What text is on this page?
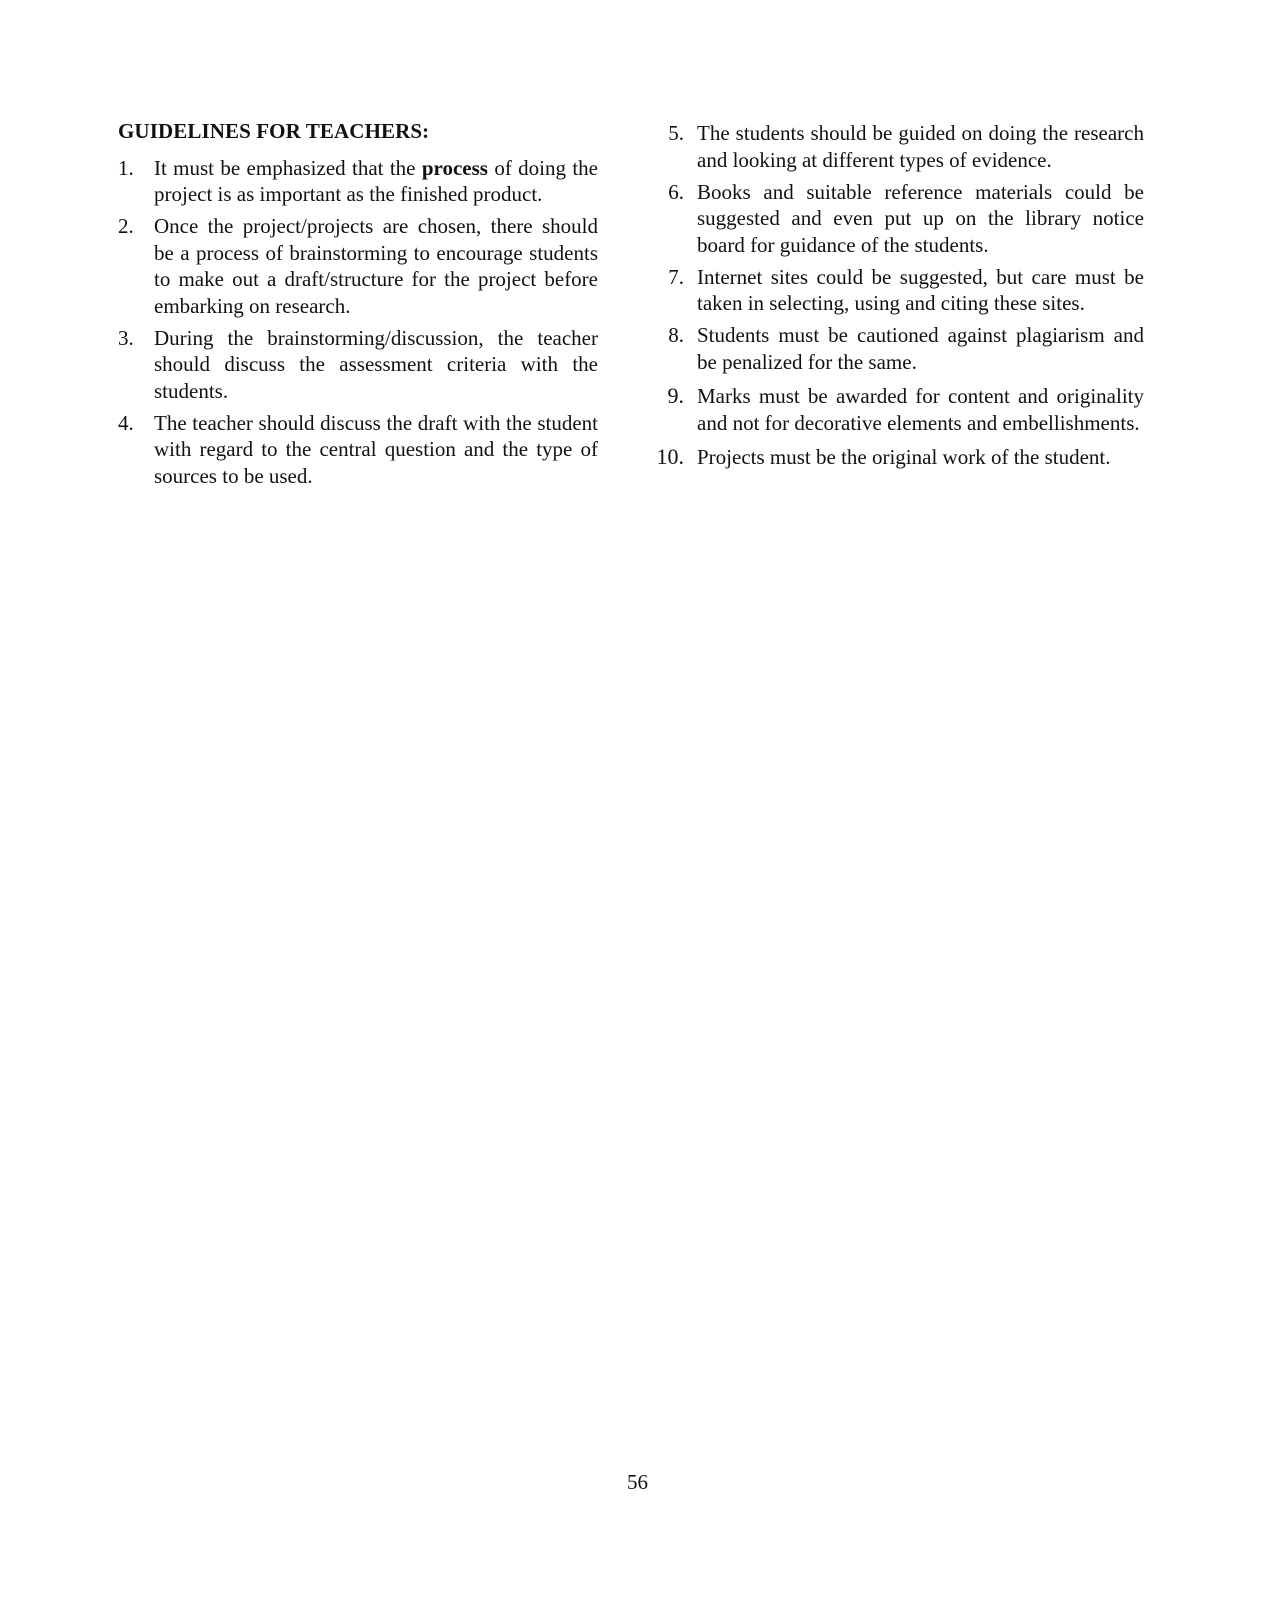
GUIDELINES FOR TEACHERS:
1. It must be emphasized that the process of doing the project is as important as the finished product.
2. Once the project/projects are chosen, there should be a process of brainstorming to encourage students to make out a draft/structure for the project before embarking on research.
3. During the brainstorming/discussion, the teacher should discuss the assessment criteria with the students.
4. The teacher should discuss the draft with the student with regard to the central question and the type of sources to be used.
5. The students should be guided on doing the research and looking at different types of evidence.
6. Books and suitable reference materials could be suggested and even put up on the library notice board for guidance of the students.
7. Internet sites could be suggested, but care must be taken in selecting, using and citing these sites.
8. Students must be cautioned against plagiarism and be penalized for the same.
9. Marks must be awarded for content and originality and not for decorative elements and embellishments.
10. Projects must be the original work of the student.
56
